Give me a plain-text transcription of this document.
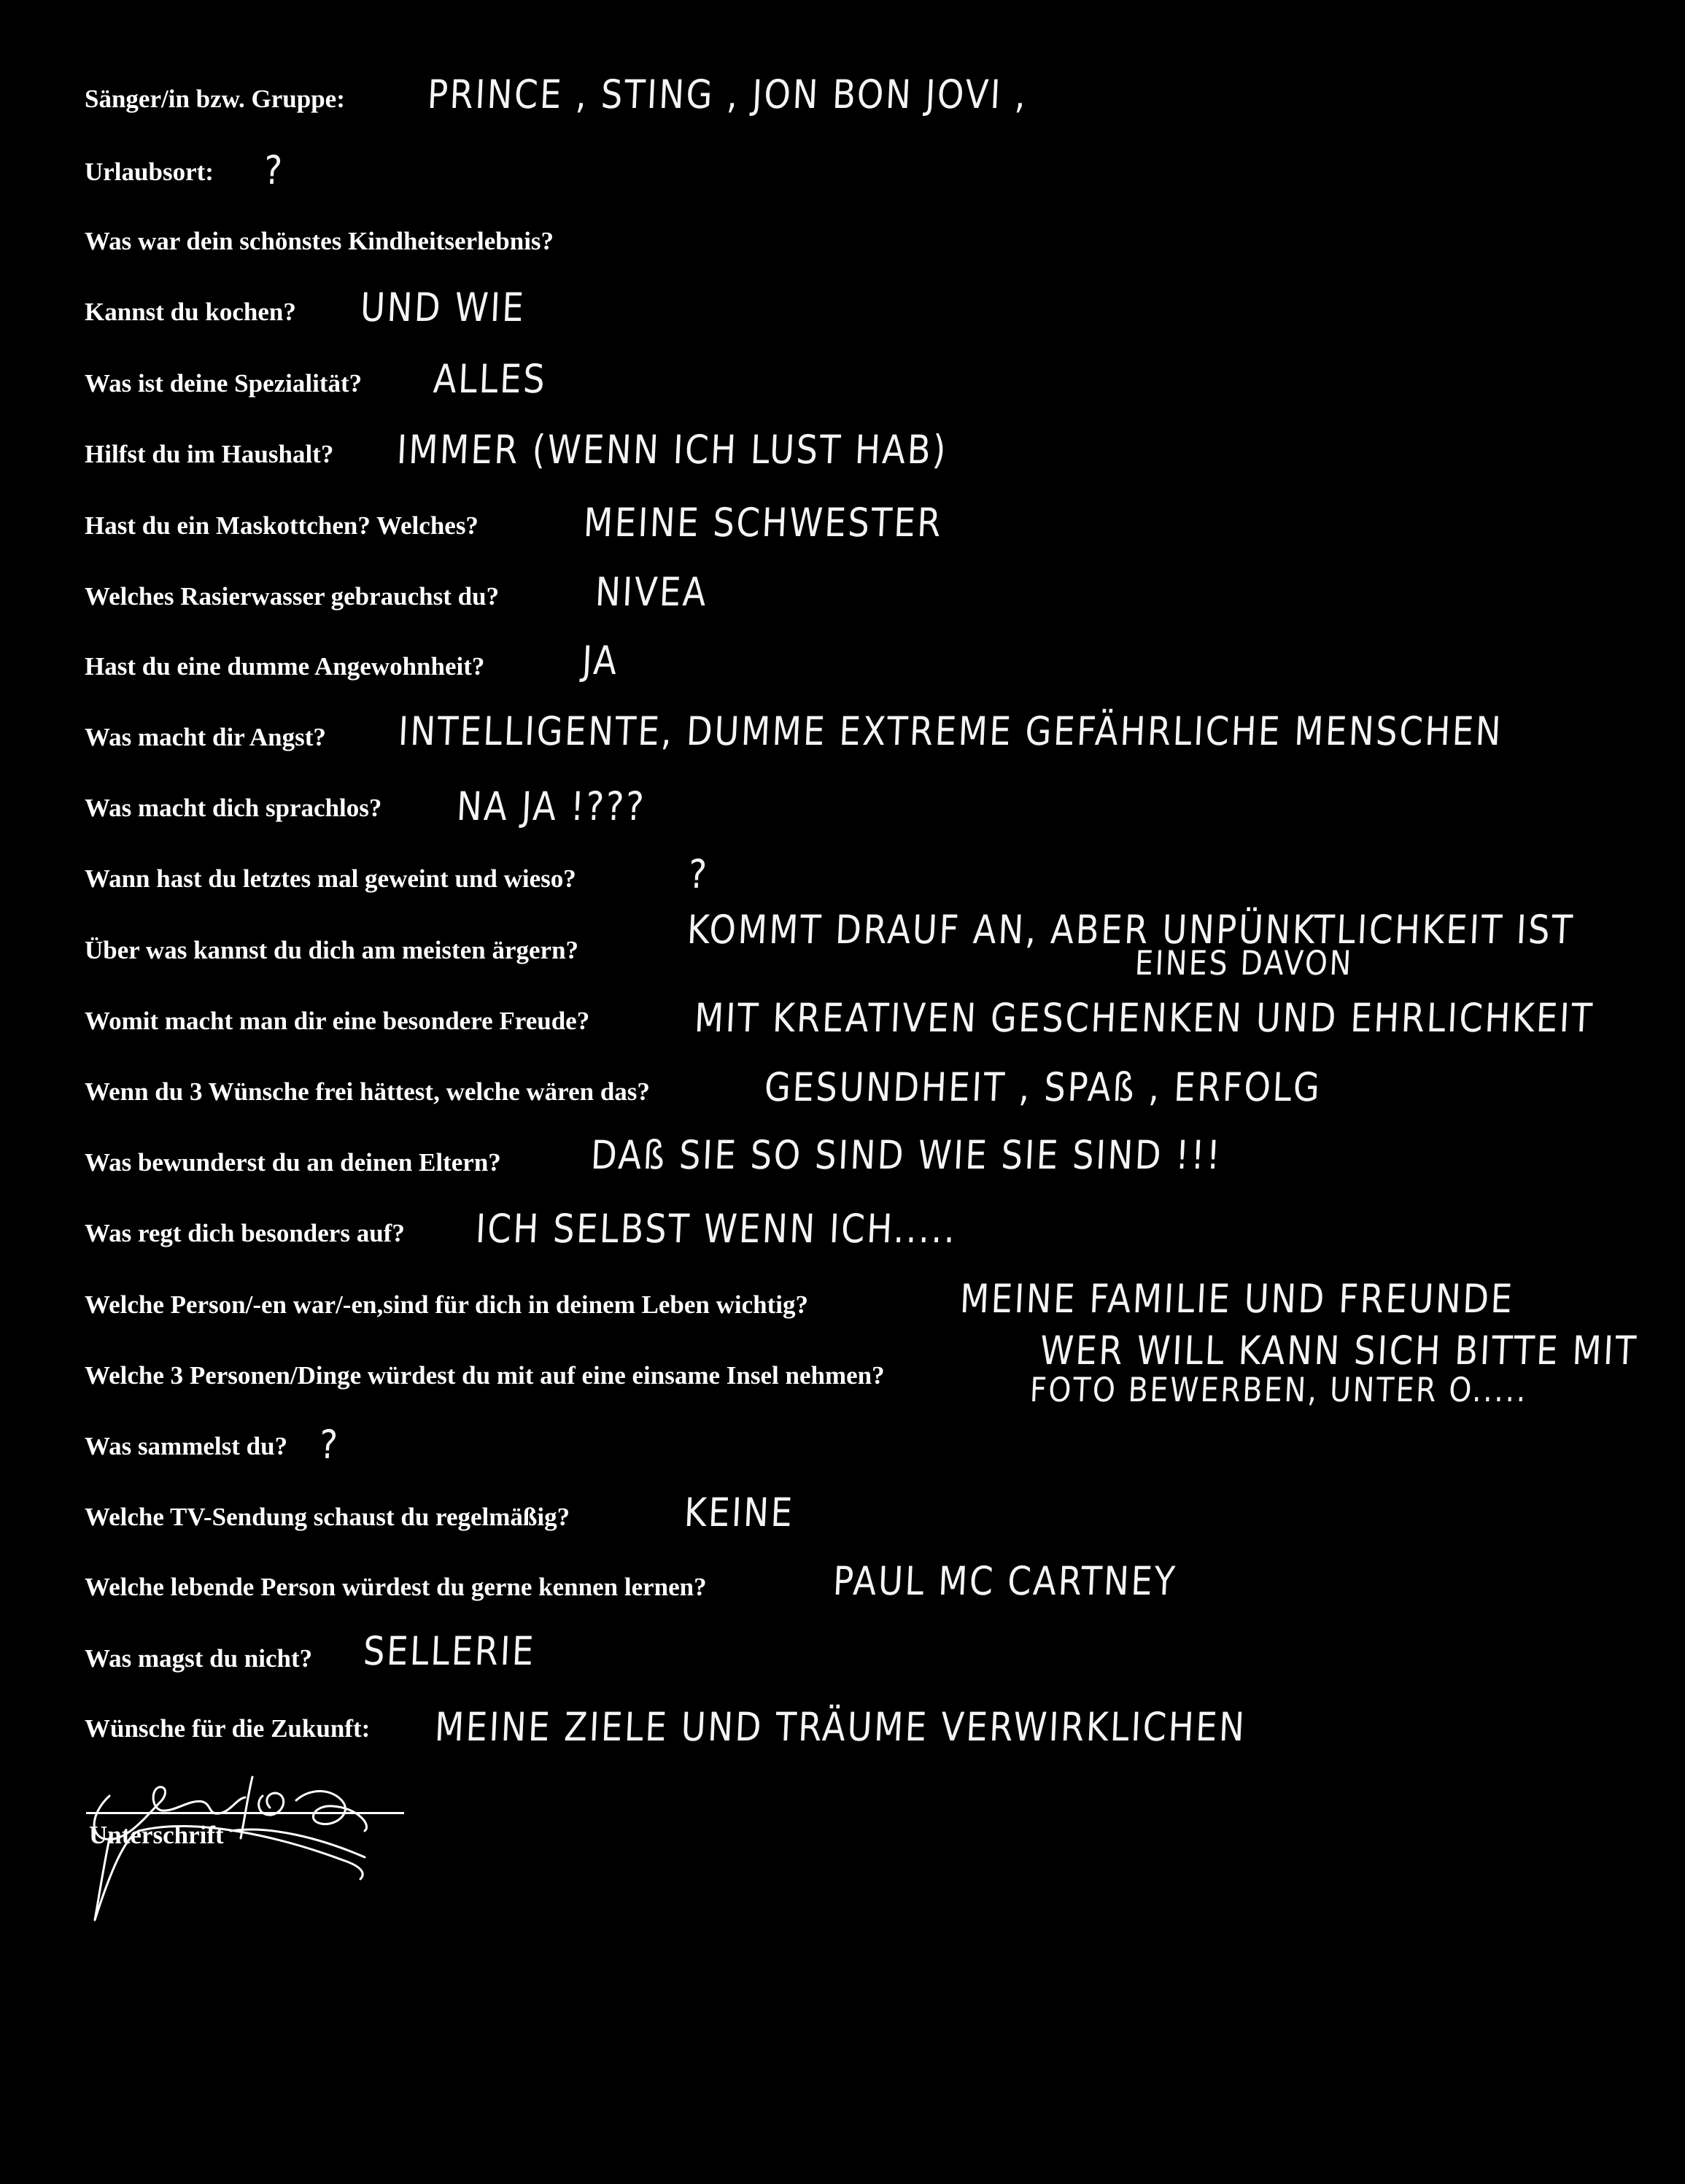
Sänger/in bzw. Gruppe: PRINCE , STING , JON BON JOVI ,
Urlaubsort: ?
Was war dein schönstes Kindheitserlebnis?
Kannst du kochen? UND WIE
Was ist deine Spezialität? ALLES
Hilfst du im Haushalt? IMMER (WENN ICH LUST HAB)
Hast du ein Maskottchen? Welches?	MEINE SCHWESTER
Welches Rasierwasser gebrauchst du? NIVEA
Hast du eine dumme Angewohnheit? JA
Was macht dir Angst? INTELLIGENTE, DUMME EXTREME GEFÄHRLICHE MENSCHEN
Was macht dich sprachlos? NA JA !???
Wann hast du letztes mal geweint und wieso?	?
Über was kannst du dich am meisten ärgern?	KOMMT DRAUF AN, ABER UNPÜNKTLICHKEIT IST
EINES DAVON
Womit macht man dir eine besondere Freude?	MIT KREATIVEN GESCHENKEN UND EHRLICHKEIT
Wenn du 3 Wünsche frei hättest, welche wären das?	GESUNDHEIT , SPAß , ERFOLG
Was bewunderst du an deinen Eltern? DAß SIE SO SIND WIE SIE SIND !!!
Was regt dich besonders auf? ICH SELBST WENN ICH.....
Welche Person/-en war/-en,sind für dich in deinem Leben wichtig?	MEINE FAMILIE UND FREUNDE
Welche 3 Personen/Dinge würdest du mit auf eine einsame Insel nehmen?
WER WILL KANN SICH BITTE MIT
FOTO BEWERBEN, UNTER O.....
Was sammelst du? ?
Welche TV-Sendung schaust du regelmäßig?	KEINE
Welche lebende Person würdest du gerne kennen lernen?	PAUL MC CARTNEY
Was magst du nicht? SELLERIE
Wünsche für die Zukunft: MEINE ZIELE UND TRÄUME VERWIRKLICHEN
Unterschrift
